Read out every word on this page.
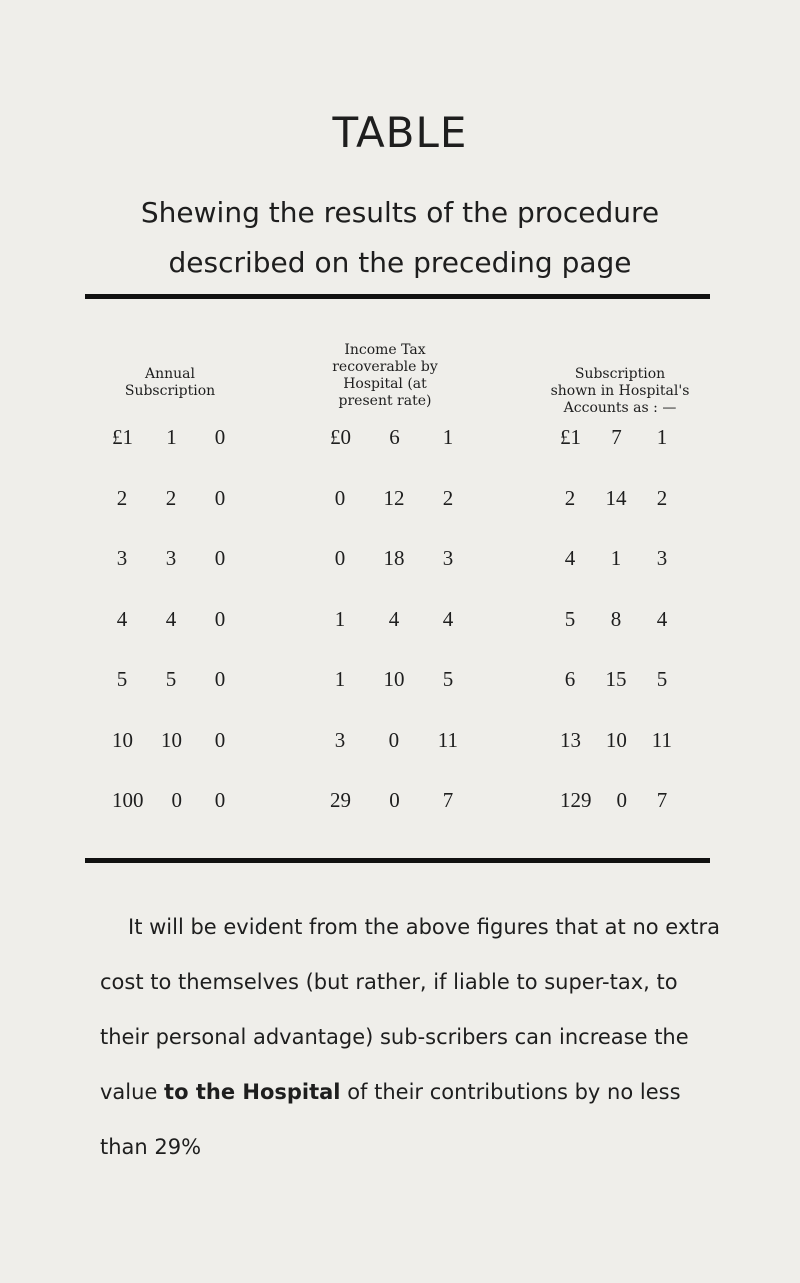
TABLE
Shewing the results of the procedure
described on the preceding page
Annual
Subscription
Income Tax
recoverable by
Hospital (at
present rate)
Subscription
shown in Hospital's
Accounts as : —
£1 1 0	£0 6 1	£1 7 1
2 2 0	0 12 2	2 14 2
3 3 0	0 18 3	4 1 3
4 4 0	1 4 4	5 8 4
5 5 0	1 10 5	6 15 5
10 10 0	3 0 11	13 10 11
100 0 0	29 0 7	129 0 7
It will be evident from the above figures that at no extra cost to themselves (but rather, if liable to super-tax, to their personal advantage) sub-scribers can increase the value to the Hospital of their contributions by no less than 29%
